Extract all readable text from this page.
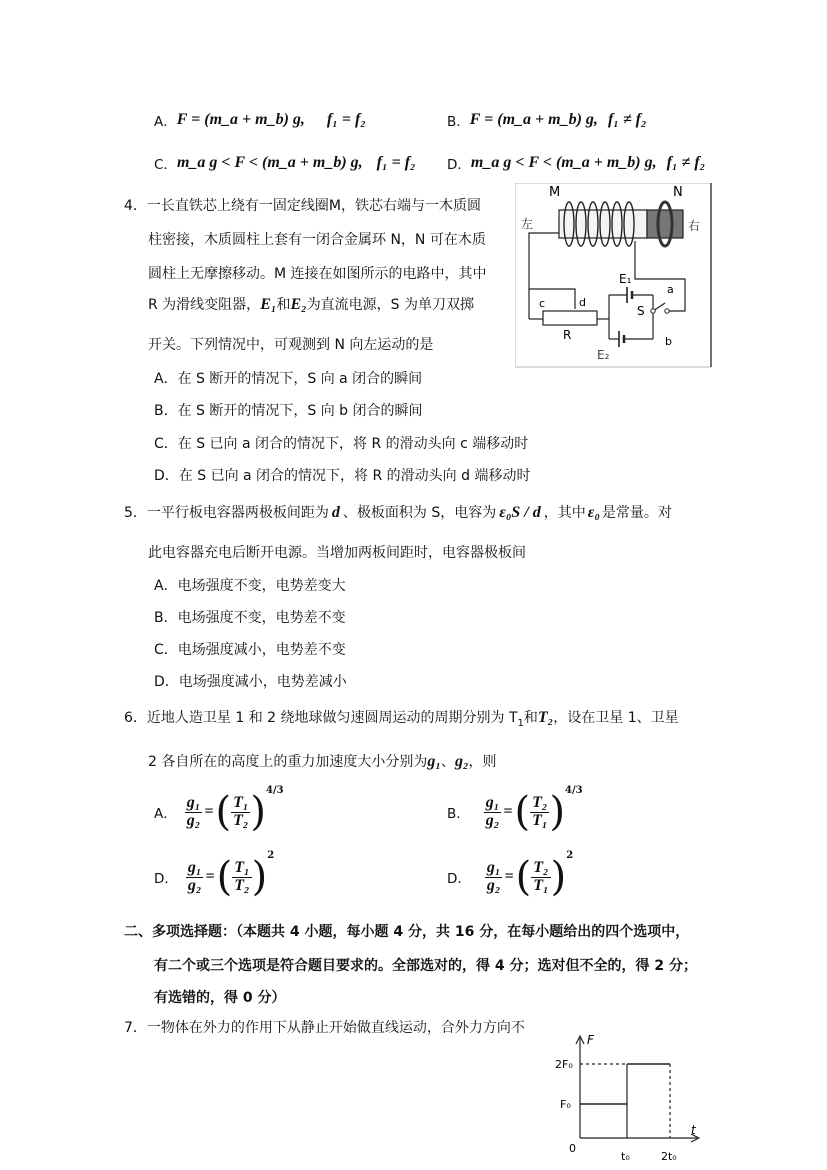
A． F = (m_a + m_b) g, f₁ = f₂	B． F = (m_a + m_b) g, f₁ ≠ f₂
C． m_a g < F < (m_a + m_b) g, f₁ = f₂ D． m_a g < F < (m_a + m_b) g, f₁ ≠ f₂
4．一长直铁芯上绕有一固定线圈M，铁芯右端与一木质圆
柱密接，木质圆柱上套有一闭合金属环 N，N 可在木质
圆柱上无摩擦移动。M 连接在如图所示的电路中，其中
R 为滑线变阻器，E₁和E₂为直流电源，S 为单刀双掷
开关。下列情况中，可观测到 N 向左运动的是
A．在 S 断开的情况下，S 向 a 闭合的瞬间
B．在 S 断开的情况下，S 向 b 闭合的瞬间
C．在 S 已向 a 闭合的情况下，将 R 的滑动头向 c 端移动时
D．在 S 已向 a 闭合的情况下，将 R 的滑动头向 d 端移动时
M	N
左	右
c	d
R
E₁
E₂
S
a
b
5．一平行板电容器两极板间距为 d 、极板面积为 S，电容为 ε₀S / d ，其中 ε₀ 是常量。对
此电容器充电后断开电源。当增加两板间距时，电容器极板间
A．电场强度不变，电势差变大
B．电场强度不变，电势差不变
C．电场强度减小，电势差不变
D．电场强度减小，电势差减小
6．近地人造卫星 1 和 2 绕地球做匀速圆周运动的周期分别为 $T_1$和T₂，设在卫星 1、卫星
2 各自所在的高度上的重力加速度大小分别为g₁、g₂，则
A． $\frac{\text{g₁}}{\text{g₂}}$ = ( $\frac{\text{T₁}}{\text{T₂}}$ ) 4/3
B． $\frac{\text{g₁}}{\text{g₂}}$ = ( $\frac{\text{T₂}}{\text{T₁}}$ ) 4/3
D． $\frac{\text{g₁}}{\text{g₂}}$ = ( $\frac{\text{T₁}}{\text{T₂}}$ ) 2
D． $\frac{\text{g₁}}{\text{g₂}}$ = ( $\frac{\text{T₂}}{\text{T₁}}$ ) 2
二、多项选择题：（本题共 4 小题，每小题 4 分，共 16 分，在每小题给出的四个选项中，
有二个或三个选项是符合题目要求的。全部选对的，得 4 分；选对但不全的，得 2 分；
有选错的，得 0 分）
7．一物体在外力的作用下从静止开始做直线运动，合外力方向不
F
t
2F₀
F₀
0
t₀	2t₀
